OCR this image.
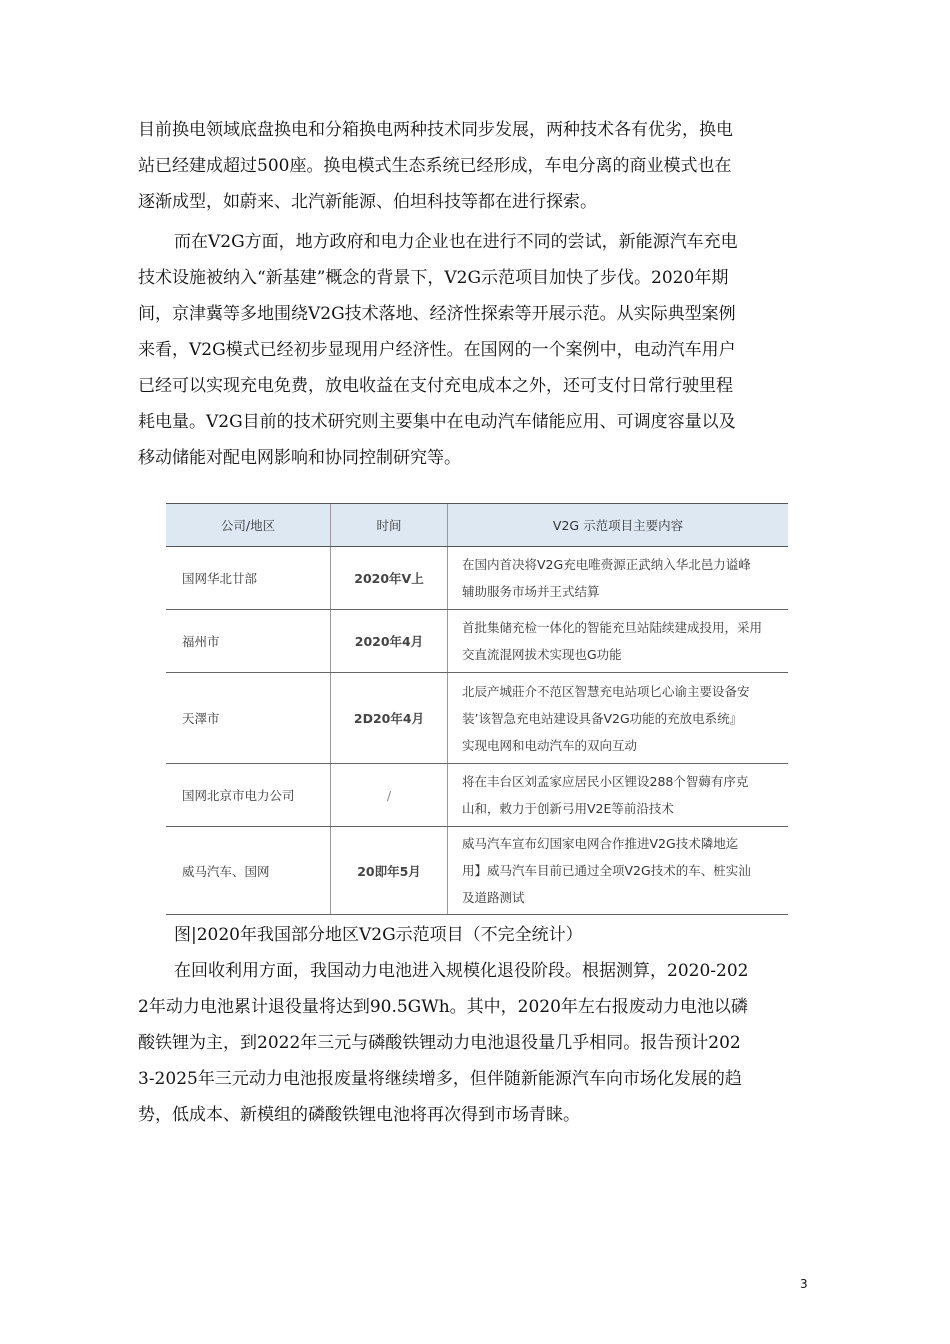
目前换电领域底盘换电和分箱换电两种技术同步发展，两种技术各有优劣，换电
站已经建成超过500座。换电模式生态系统已经形成，车电分离的商业模式也在
逐渐成型，如蔚来、北汽新能源、伯坦科技等都在进行探索。
而在V2G方面，地方政府和电力企业也在进行不同的尝试，新能源汽车充电
技术设施被纳入“新基建”概念的背景下，V2G示范项目加快了步伐。2020年期
间，京津冀等多地围绕V2G技术落地、经济性探索等开展示范。从实际典型案例
来看，V2G模式已经初步显现用户经济性。在国网的一个案例中，电动汽车用户
已经可以实现充电免费，放电收益在支付充电成本之外，还可支付日常行驶里程
耗电量。V2G目前的技术研究则主要集中在电动汽车储能应用、可调度容量以及
移动储能对配电网影响和协同控制研究等。
公司/地区	时间	V2G 示范项目主要内容
国网华北廿部	2020年Ⅴ上	在国内首决将V2G充电唯赍源正武纳入华北邑力谥峰
辅助服务市场并王式结算

福州市	2020年4月	首批集储充检一体化的智能充旦站陆续建成投用，采用
交直流混网拔术实现也G功能

天澤市	2D20年4月	北辰产城莊介不范区智慧充电站项匕心谕主要设备安
装’该智急充电站建设具备V2G功能的充放电系统』
实现电网和电动汽车的双向互动

国网北京市电力公司	/	将在丰台区刘孟家应居民小区锂设288个智薅有序克
山和，敕力于创新弓用V2E等前沿技术

威马汽车、国网	20即年5月	威马汽车宣布幻国家电网合作推进V2G技术隣地迄
用】威马汽车目前已通过全项V2G技术的车、桩实汕
及道路测试
图|2020年我国部分地区V2G示范项目（不完全统计）
在回收利用方面，我国动力电池进入规模化退役阶段。根据测算，2020-202
2年动力电池累计退役量将达到90.5GWh。其中，2020年左右报废动力电池以磷
酸铁锂为主，到2022年三元与磷酸铁锂动力电池退役量几乎相同。报告预计202
3-2025年三元动力电池报废量将继续增多，但伴随新能源汽车向市场化发展的趋
势，低成本、新模组的磷酸铁锂电池将再次得到市场青睐。
3
